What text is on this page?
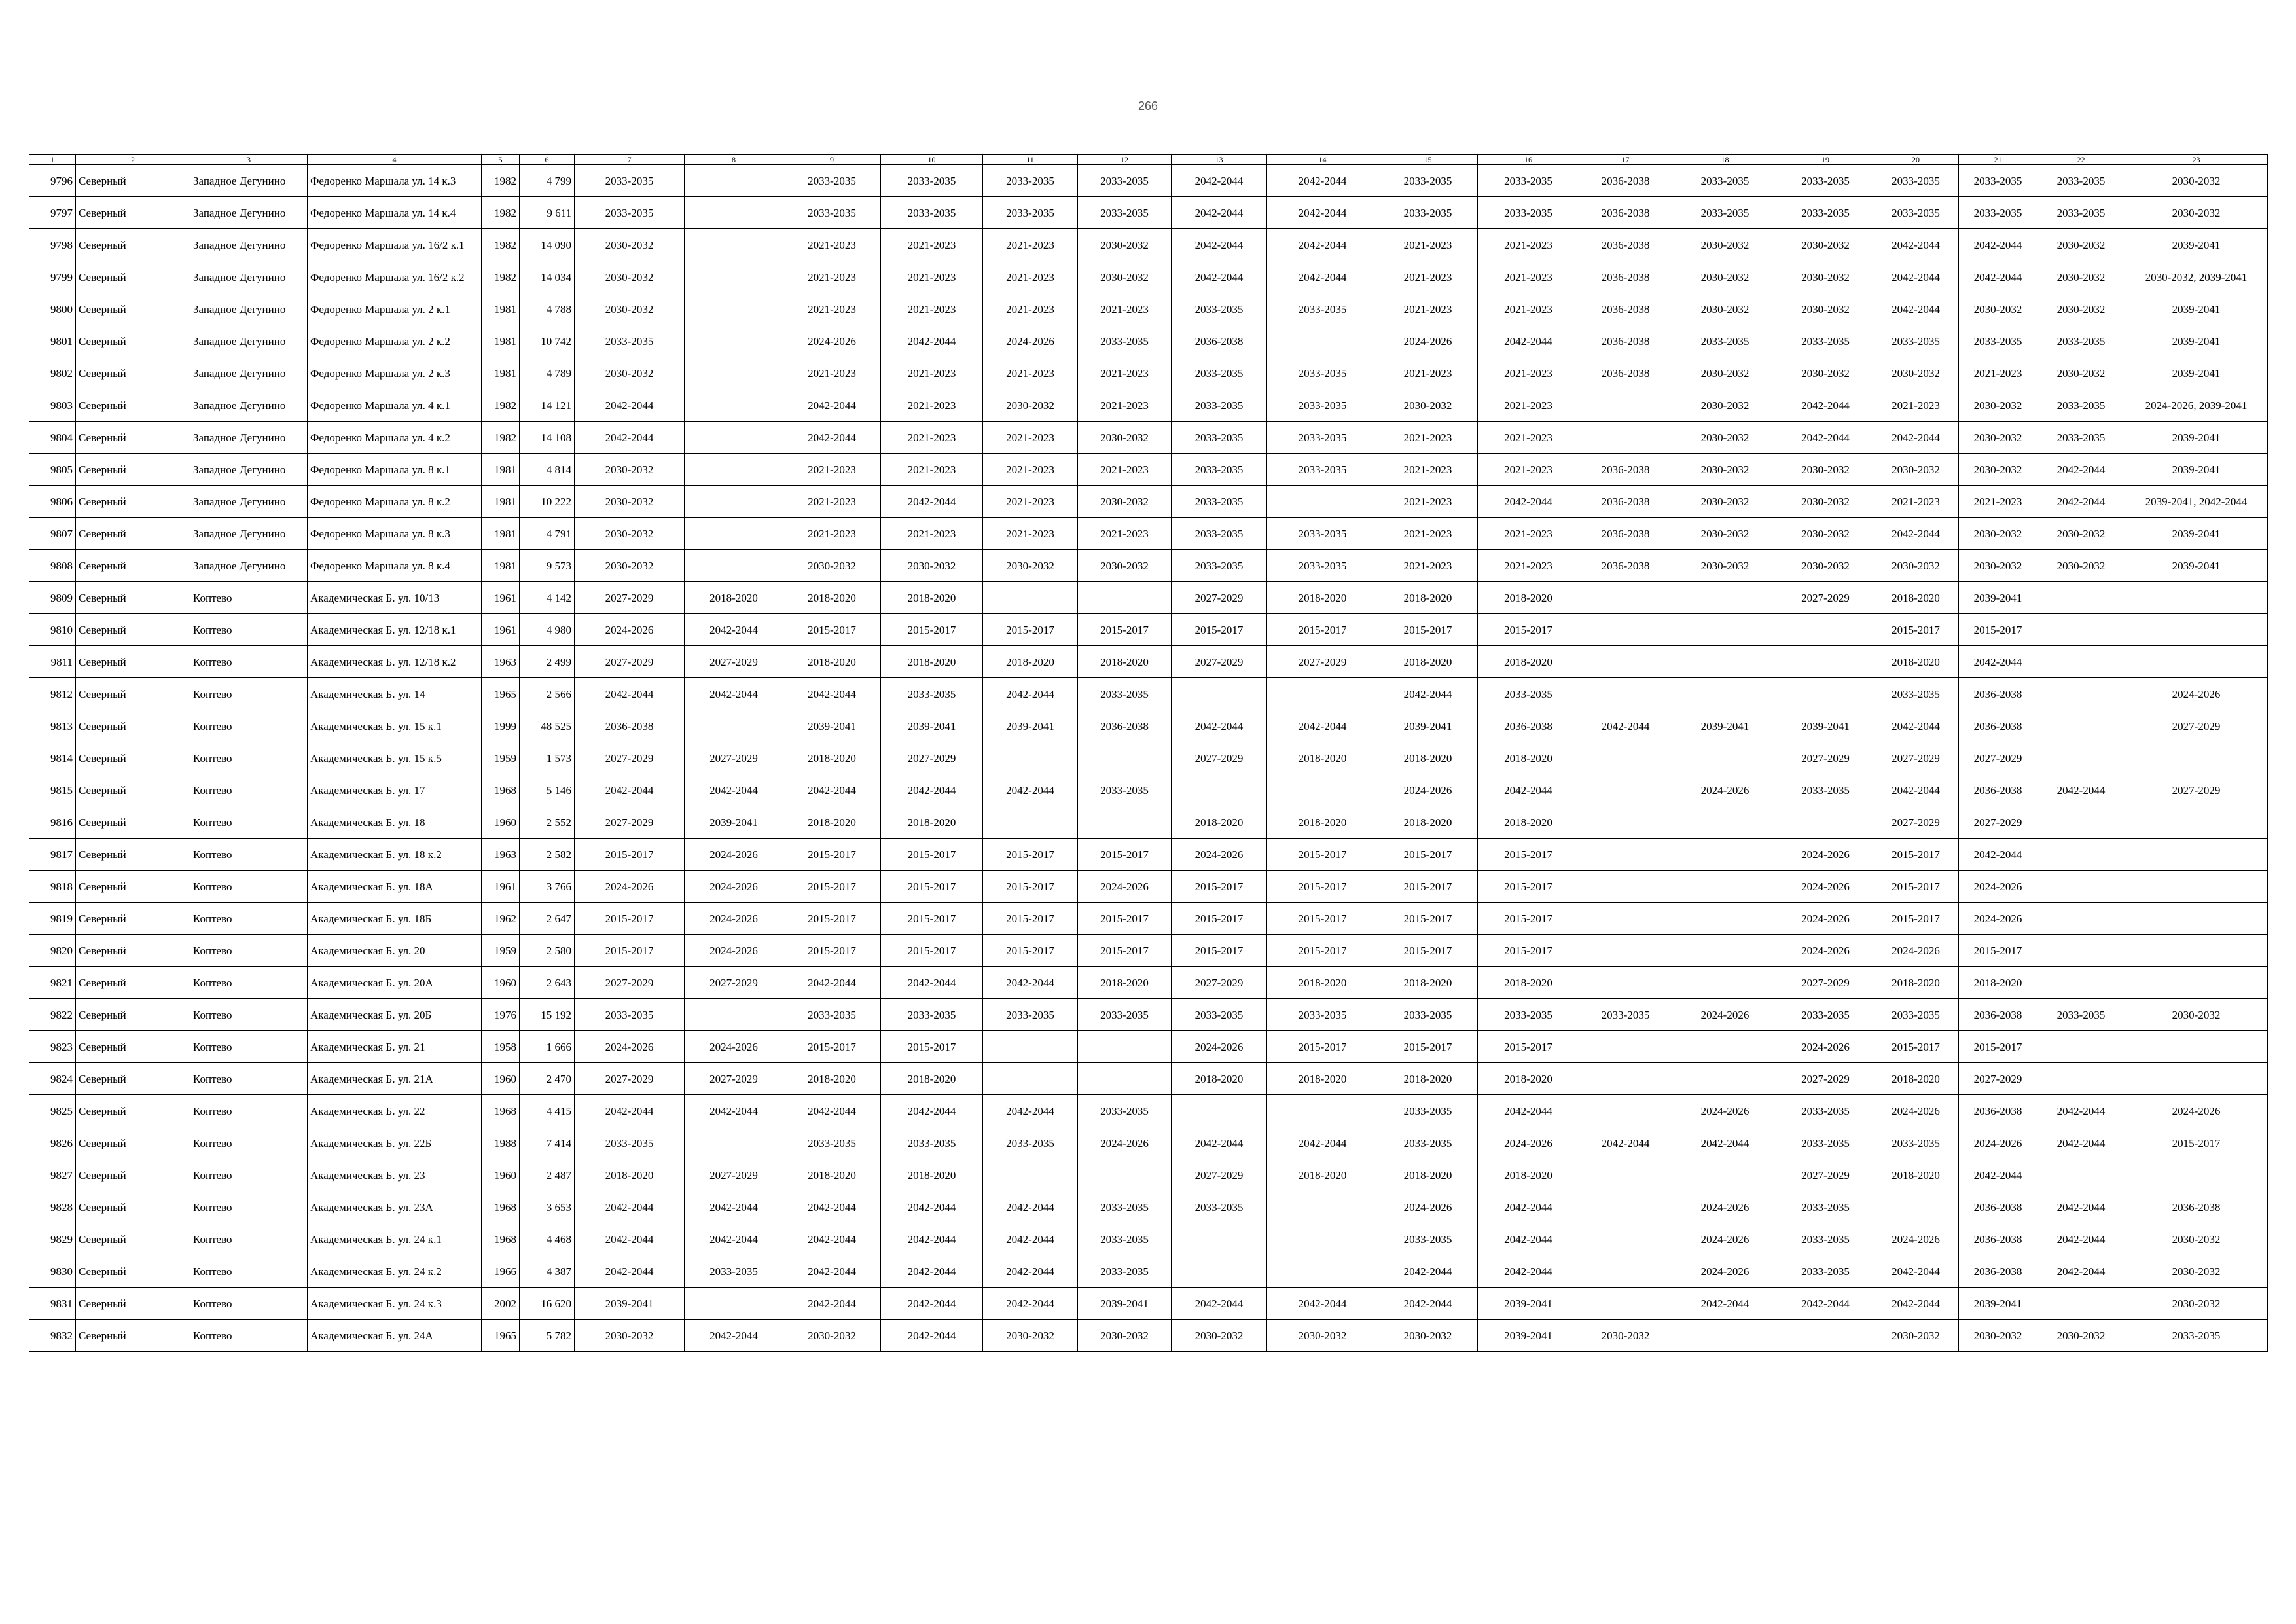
266
1	2	3	4	5	6	7	8	9	10	11	12	13	14	15	16	17	18	19	20	21	22	23
9796	Северный	Западное Дегунино	Федоренко Маршала ул. 14 к.3	1982	4 799	2033-2035		2033-2035	2033-2035	2033-2035	2033-2035	2042-2044	2042-2044	2033-2035	2033-2035	2036-2038	2033-2035	2033-2035	2033-2035	2033-2035	2033-2035	2030-2032
9797	Северный	Западное Дегунино	Федоренко Маршала ул. 14 к.4	1982	9 611	2033-2035		2033-2035	2033-2035	2033-2035	2033-2035	2042-2044	2042-2044	2033-2035	2033-2035	2036-2038	2033-2035	2033-2035	2033-2035	2033-2035	2033-2035	2030-2032
9798	Северный	Западное Дегунино	Федоренко Маршала ул. 16/2 к.1	1982	14 090	2030-2032		2021-2023	2021-2023	2021-2023	2030-2032	2042-2044	2042-2044	2021-2023	2021-2023	2036-2038	2030-2032	2030-2032	2042-2044	2042-2044	2030-2032	2039-2041
9799	Северный	Западное Дегунино	Федоренко Маршала ул. 16/2 к.2	1982	14 034	2030-2032		2021-2023	2021-2023	2021-2023	2030-2032	2042-2044	2042-2044	2021-2023	2021-2023	2036-2038	2030-2032	2030-2032	2042-2044	2042-2044	2030-2032	2030-2032, 2039-2041
9800	Северный	Западное Дегунино	Федоренко Маршала ул. 2 к.1	1981	4 788	2030-2032		2021-2023	2021-2023	2021-2023	2021-2023	2033-2035	2033-2035	2021-2023	2021-2023	2036-2038	2030-2032	2030-2032	2042-2044	2030-2032	2030-2032	2039-2041
9801	Северный	Западное Дегунино	Федоренко Маршала ул. 2 к.2	1981	10 742	2033-2035		2024-2026	2042-2044	2024-2026	2033-2035	2036-2038		2024-2026	2042-2044	2036-2038	2033-2035	2033-2035	2033-2035	2033-2035	2033-2035	2039-2041
9802	Северный	Западное Дегунино	Федоренко Маршала ул. 2 к.3	1981	4 789	2030-2032		2021-2023	2021-2023	2021-2023	2021-2023	2033-2035	2033-2035	2021-2023	2021-2023	2036-2038	2030-2032	2030-2032	2030-2032	2021-2023	2030-2032	2039-2041
9803	Северный	Западное Дегунино	Федоренко Маршала ул. 4 к.1	1982	14 121	2042-2044		2042-2044	2021-2023	2030-2032	2021-2023	2033-2035	2033-2035	2030-2032	2021-2023		2030-2032	2042-2044	2021-2023	2030-2032	2033-2035	2024-2026, 2039-2041
9804	Северный	Западное Дегунино	Федоренко Маршала ул. 4 к.2	1982	14 108	2042-2044		2042-2044	2021-2023	2021-2023	2030-2032	2033-2035	2033-2035	2021-2023	2021-2023		2030-2032	2042-2044	2042-2044	2030-2032	2033-2035	2039-2041
9805	Северный	Западное Дегунино	Федоренко Маршала ул. 8 к.1	1981	4 814	2030-2032		2021-2023	2021-2023	2021-2023	2021-2023	2033-2035	2033-2035	2021-2023	2021-2023	2036-2038	2030-2032	2030-2032	2030-2032	2030-2032	2042-2044	2039-2041
9806	Северный	Западное Дегунино	Федоренко Маршала ул. 8 к.2	1981	10 222	2030-2032		2021-2023	2042-2044	2021-2023	2030-2032	2033-2035		2021-2023	2042-2044	2036-2038	2030-2032	2030-2032	2021-2023	2021-2023	2042-2044	2039-2041, 2042-2044
9807	Северный	Западное Дегунино	Федоренко Маршала ул. 8 к.3	1981	4 791	2030-2032		2021-2023	2021-2023	2021-2023	2021-2023	2033-2035	2033-2035	2021-2023	2021-2023	2036-2038	2030-2032	2030-2032	2042-2044	2030-2032	2030-2032	2039-2041
9808	Северный	Западное Дегунино	Федоренко Маршала ул. 8 к.4	1981	9 573	2030-2032		2030-2032	2030-2032	2030-2032	2030-2032	2033-2035	2033-2035	2021-2023	2021-2023	2036-2038	2030-2032	2030-2032	2030-2032	2030-2032	2030-2032	2039-2041
9809	Северный	Коптево	Академическая Б. ул. 10/13	1961	4 142	2027-2029	2018-2020	2018-2020	2018-2020			2027-2029	2018-2020	2018-2020	2018-2020			2027-2029	2018-2020	2039-2041		
9810	Северный	Коптево	Академическая Б. ул. 12/18 к.1	1961	4 980	2024-2026	2042-2044	2015-2017	2015-2017	2015-2017	2015-2017	2015-2017	2015-2017	2015-2017	2015-2017				2015-2017	2015-2017		
9811	Северный	Коптево	Академическая Б. ул. 12/18 к.2	1963	2 499	2027-2029	2027-2029	2018-2020	2018-2020	2018-2020	2018-2020	2027-2029	2027-2029	2018-2020	2018-2020				2018-2020	2042-2044		
9812	Северный	Коптево	Академическая Б. ул. 14	1965	2 566	2042-2044	2042-2044	2042-2044	2033-2035	2042-2044	2033-2035			2042-2044	2033-2035				2033-2035	2036-2038		2024-2026
9813	Северный	Коптево	Академическая Б. ул. 15 к.1	1999	48 525	2036-2038		2039-2041	2039-2041	2039-2041	2036-2038	2042-2044	2042-2044	2039-2041	2036-2038	2042-2044	2039-2041	2039-2041	2042-2044	2036-2038		2027-2029
9814	Северный	Коптево	Академическая Б. ул. 15 к.5	1959	1 573	2027-2029	2027-2029	2018-2020	2027-2029			2027-2029	2018-2020	2018-2020	2018-2020			2027-2029	2027-2029	2027-2029		
9815	Северный	Коптево	Академическая Б. ул. 17	1968	5 146	2042-2044	2042-2044	2042-2044	2042-2044	2042-2044	2033-2035			2024-2026	2042-2044		2024-2026	2033-2035	2042-2044	2036-2038	2042-2044	2027-2029
9816	Северный	Коптево	Академическая Б. ул. 18	1960	2 552	2027-2029	2039-2041	2018-2020	2018-2020			2018-2020	2018-2020	2018-2020	2018-2020				2027-2029	2027-2029		
9817	Северный	Коптево	Академическая Б. ул. 18 к.2	1963	2 582	2015-2017	2024-2026	2015-2017	2015-2017	2015-2017	2015-2017	2024-2026	2015-2017	2015-2017	2015-2017			2024-2026	2015-2017	2042-2044		
9818	Северный	Коптево	Академическая Б. ул. 18А	1961	3 766	2024-2026	2024-2026	2015-2017	2015-2017	2015-2017	2024-2026	2015-2017	2015-2017	2015-2017	2015-2017			2024-2026	2015-2017	2024-2026		
9819	Северный	Коптево	Академическая Б. ул. 18Б	1962	2 647	2015-2017	2024-2026	2015-2017	2015-2017	2015-2017	2015-2017	2015-2017	2015-2017	2015-2017	2015-2017			2024-2026	2015-2017	2024-2026		
9820	Северный	Коптево	Академическая Б. ул. 20	1959	2 580	2015-2017	2024-2026	2015-2017	2015-2017	2015-2017	2015-2017	2015-2017	2015-2017	2015-2017	2015-2017			2024-2026	2024-2026	2015-2017		
9821	Северный	Коптево	Академическая Б. ул. 20А	1960	2 643	2027-2029	2027-2029	2042-2044	2042-2044	2042-2044	2018-2020	2027-2029	2018-2020	2018-2020	2018-2020			2027-2029	2018-2020	2018-2020		
9822	Северный	Коптево	Академическая Б. ул. 20Б	1976	15 192	2033-2035		2033-2035	2033-2035	2033-2035	2033-2035	2033-2035	2033-2035	2033-2035	2033-2035	2033-2035	2024-2026	2033-2035	2033-2035	2036-2038	2033-2035	2030-2032
9823	Северный	Коптево	Академическая Б. ул. 21	1958	1 666	2024-2026	2024-2026	2015-2017	2015-2017			2024-2026	2015-2017	2015-2017	2015-2017			2024-2026	2015-2017	2015-2017		
9824	Северный	Коптево	Академическая Б. ул. 21А	1960	2 470	2027-2029	2027-2029	2018-2020	2018-2020			2018-2020	2018-2020	2018-2020	2018-2020			2027-2029	2018-2020	2027-2029		
9825	Северный	Коптево	Академическая Б. ул. 22	1968	4 415	2042-2044	2042-2044	2042-2044	2042-2044	2042-2044	2033-2035			2033-2035	2042-2044		2024-2026	2033-2035	2024-2026	2036-2038	2042-2044	2024-2026
9826	Северный	Коптево	Академическая Б. ул. 22Б	1988	7 414	2033-2035		2033-2035	2033-2035	2033-2035	2024-2026	2042-2044	2042-2044	2033-2035	2024-2026	2042-2044	2042-2044	2033-2035	2033-2035	2024-2026	2042-2044	2015-2017
9827	Северный	Коптево	Академическая Б. ул. 23	1960	2 487	2018-2020	2027-2029	2018-2020	2018-2020			2027-2029	2018-2020	2018-2020	2018-2020			2027-2029	2018-2020	2042-2044		
9828	Северный	Коптево	Академическая Б. ул. 23А	1968	3 653	2042-2044	2042-2044	2042-2044	2042-2044	2042-2044	2033-2035	2033-2035		2024-2026	2042-2044		2024-2026	2033-2035		2036-2038	2042-2044	2036-2038
9829	Северный	Коптево	Академическая Б. ул. 24 к.1	1968	4 468	2042-2044	2042-2044	2042-2044	2042-2044	2042-2044	2033-2035			2033-2035	2042-2044		2024-2026	2033-2035	2024-2026	2036-2038	2042-2044	2030-2032
9830	Северный	Коптево	Академическая Б. ул. 24 к.2	1966	4 387	2042-2044	2033-2035	2042-2044	2042-2044	2042-2044	2033-2035			2042-2044	2042-2044		2024-2026	2033-2035	2042-2044	2036-2038	2042-2044	2030-2032
9831	Северный	Коптево	Академическая Б. ул. 24 к.3	2002	16 620	2039-2041		2042-2044	2042-2044	2042-2044	2039-2041	2042-2044	2042-2044	2042-2044	2039-2041		2042-2044	2042-2044	2042-2044	2039-2041		2030-2032
9832	Северный	Коптево	Академическая Б. ул. 24А	1965	5 782	2030-2032	2042-2044	2030-2032	2042-2044	2030-2032	2030-2032	2030-2032	2030-2032	2030-2032	2039-2041	2030-2032			2030-2032	2030-2032	2030-2032	2033-2035
